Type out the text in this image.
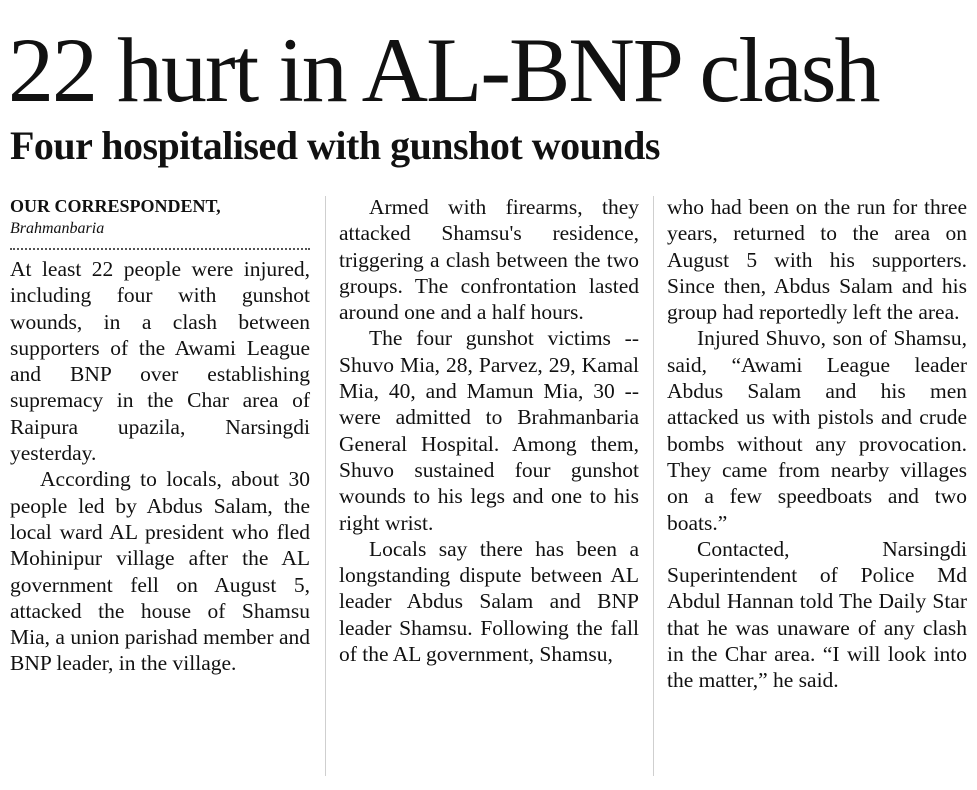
22 hurt in AL-BNP clash
Four hospitalised with gunshot wounds

OUR CORRESPONDENT,

Brahmanbaria

At least 22 people were injured, including four with gunshot wounds, in a clash between supporters of the Awami League and BNP over establishing supremacy in the Char area of Raipura upazila, Narsingdi yesterday.

According to locals, about 30 people led by Abdus Salam, the local ward AL president who fled Mohinipur village after the AL government fell on August 5, attacked the house of Shamsu Mia, a union parishad member and BNP leader, in the village.

Armed with firearms, they attacked Shamsu's residence, triggering a clash between the two groups. The confrontation lasted around one and a half hours.

The four gunshot victims -- Shuvo Mia, 28, Parvez, 29, Kamal Mia, 40, and Mamun Mia, 30 -- were admitted to Brahmanbaria General Hospital. Among them, Shuvo sustained four gunshot wounds to his legs and one to his right wrist.

Locals say there has been a longstanding dispute between AL leader Abdus Salam and BNP leader Shamsu. Following the fall of the AL government, Shamsu,

who had been on the run for three years, returned to the area on August 5 with his supporters. Since then, Abdus Salam and his group had reportedly left the area.

Injured Shuvo, son of Shamsu, said, “Awami League leader Abdus Salam and his men attacked us with pistols and crude bombs without any provocation. They came from nearby villages on a few speedboats and two boats.”

Contacted, Narsingdi Superintendent of Police Md Abdul Hannan told The Daily Star that he was unaware of any clash in the Char area. “I will look into the matter,” he said.
